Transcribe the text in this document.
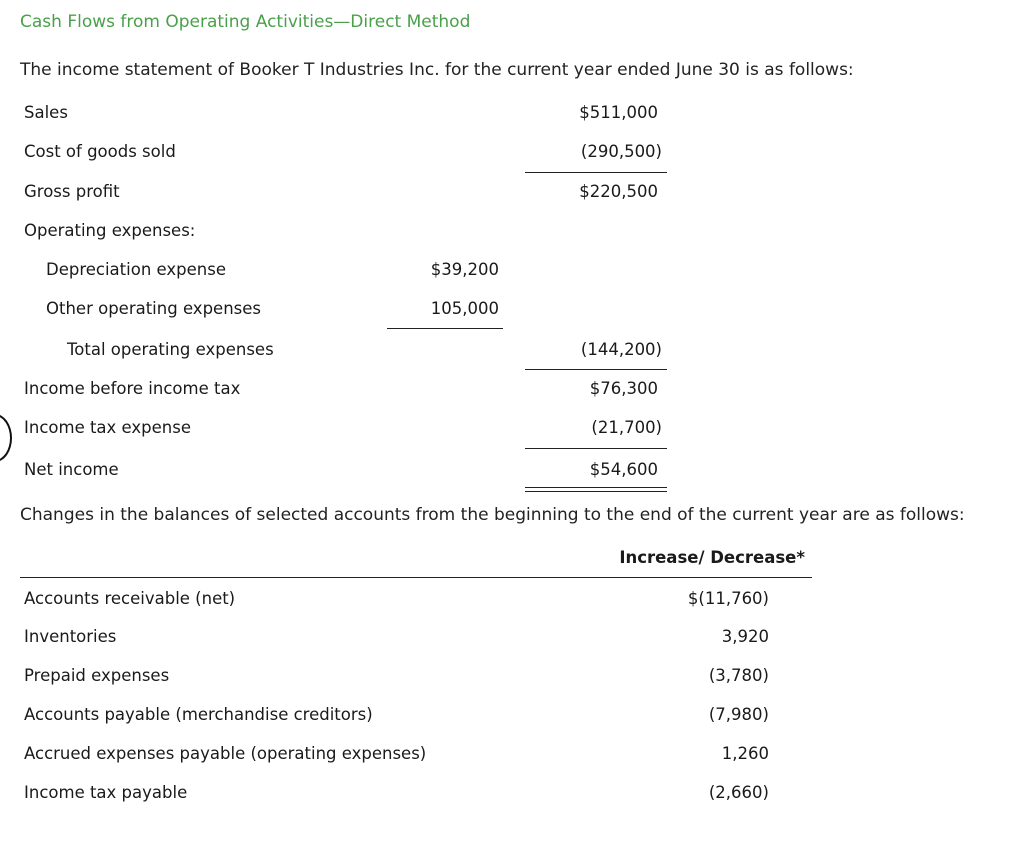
Cash Flows from Operating Activities—Direct Method
The income statement of Booker T Industries Inc. for the current year ended June 30 is as follows:
Sales	$511,000
Cost of goods sold	(290,500)
Gross profit	$220,500
Operating expenses:
Depreciation expense	$39,200
Other operating expenses	105,000
Total operating expenses	(144,200)
Income before income tax	$76,300
Income tax expense	(21,700)
Net income	$54,600
Changes in the balances of selected accounts from the beginning to the end of the current year are as follows:
Increase/ Decrease*
Accounts receivable (net)	$(11,760)
Inventories	3,920
Prepaid expenses	(3,780)
Accounts payable (merchandise creditors)	(7,980)
Accrued expenses payable (operating expenses)	1,260
Income tax payable	(2,660)
